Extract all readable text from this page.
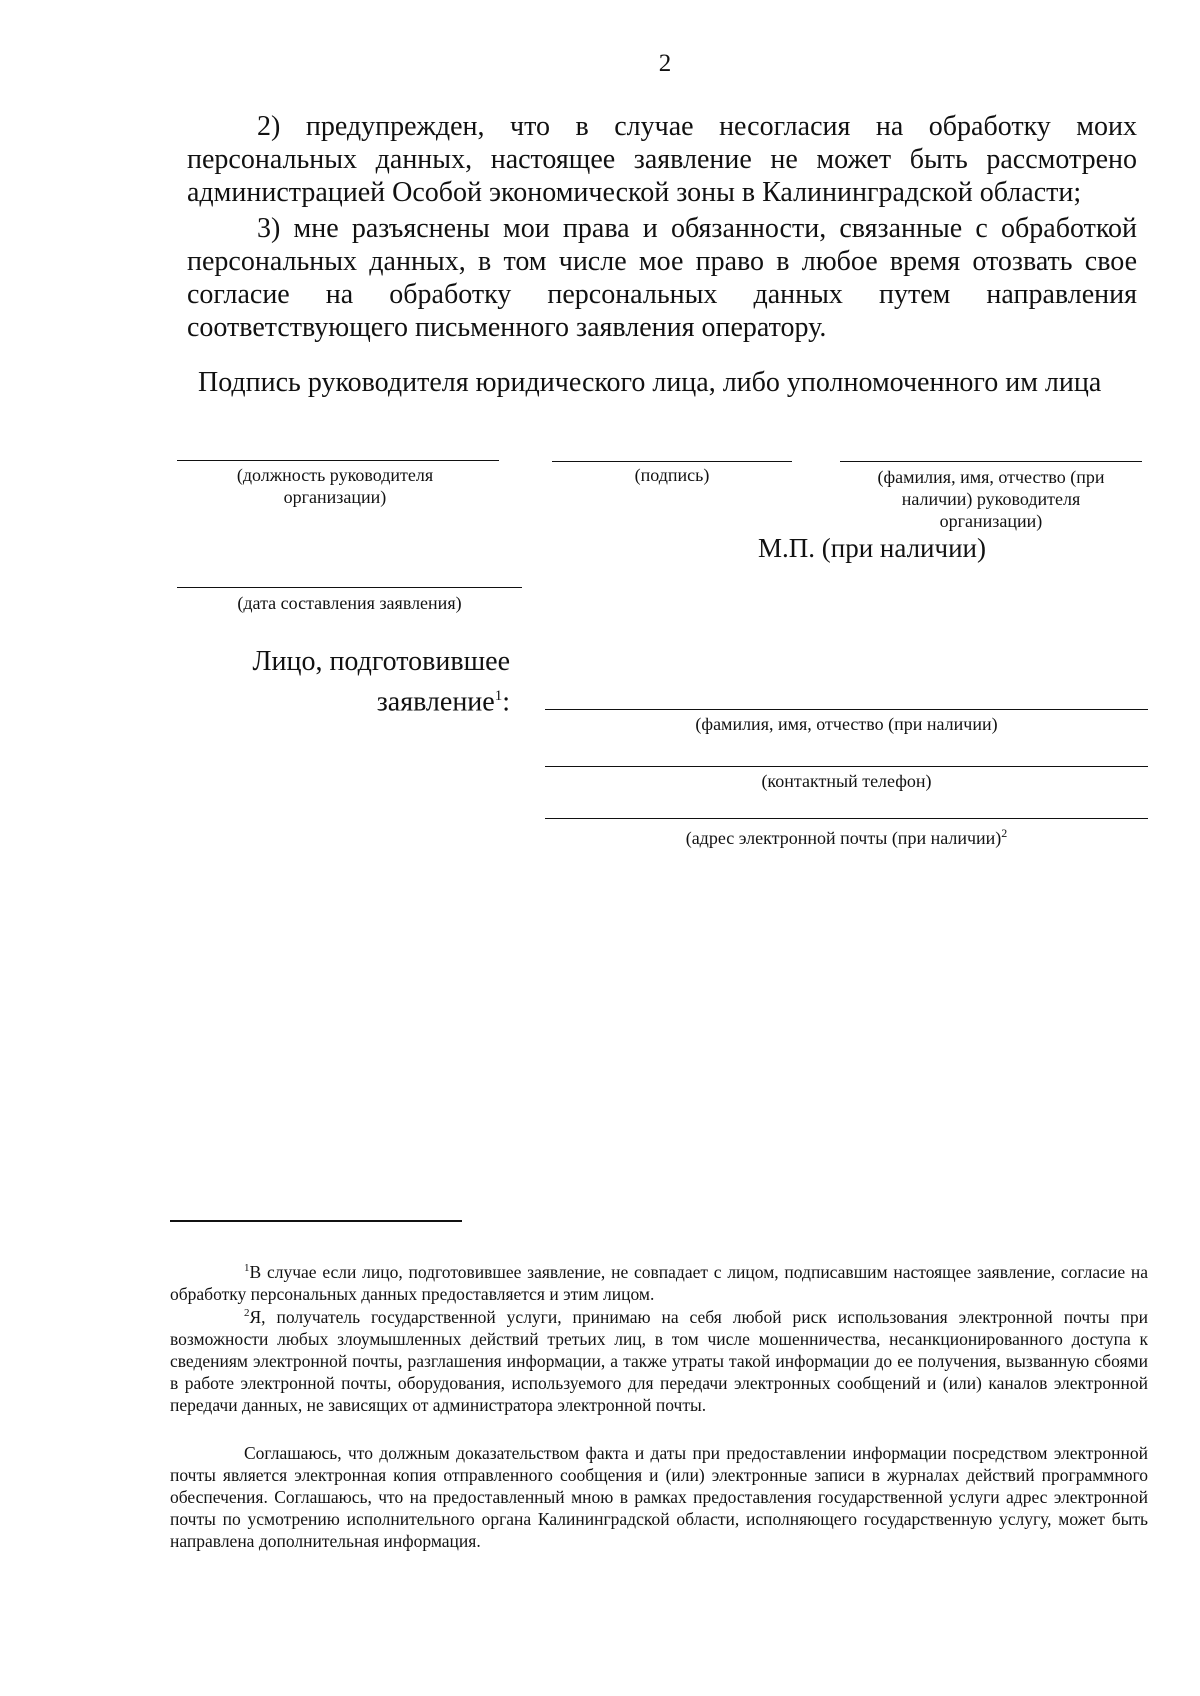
2
2) предупрежден, что в случае несогласия на обработку моих персональных данных, настоящее заявление не может быть рассмотрено администрацией Особой экономической зоны в Калининградской области;
3) мне разъяснены мои права и обязанности, связанные с обработкой персональных данных, в том числе мое право в любое время отозвать свое согласие на обработку персональных данных путем направления соответствующего письменного заявления оператору.
Подпись руководителя юридического лица, либо уполномоченного им лица
(должность руководителя организации)
(подпись)	(фамилия, имя, отчество (при наличии) руководителя организации)
М.П. (при наличии)
(дата составления заявления)
Лицо, подготовившее заявление$^1$:
(фамилия, имя, отчество (при наличии)
(контактный телефон)
(адрес электронной почты (при наличии)$^2$
$^1$В случае если лицо, подготовившее заявление, не совпадает с лицом, подписавшим настоящее заявление, согласие на обработку персональных данных предоставляется и этим лицом.
$^2$Я, получатель государственной услуги, принимаю на себя любой риск использования электронной почты при возможности любых злоумышленных действий третьих лиц, в том числе мошенничества, несанкционированного доступа к сведениям электронной почты, разглашения информации, а также утраты такой информации до ее получения, вызванную сбоями в работе электронной почты, оборудования, используемого для передачи электронных сообщений и (или) каналов электронной передачи данных, не зависящих от администратора электронной почты.
Соглашаюсь, что должным доказательством факта и даты при предоставлении информации посредством электронной почты является электронная копия отправленного сообщения и (или) электронные записи в журналах действий программного обеспечения. Соглашаюсь, что на предоставленный мною в рамках предоставления государственной услуги адрес электронной почты по усмотрению исполнительного органа Калининградской области, исполняющего государственную услугу, может быть направлена дополнительная информация.
